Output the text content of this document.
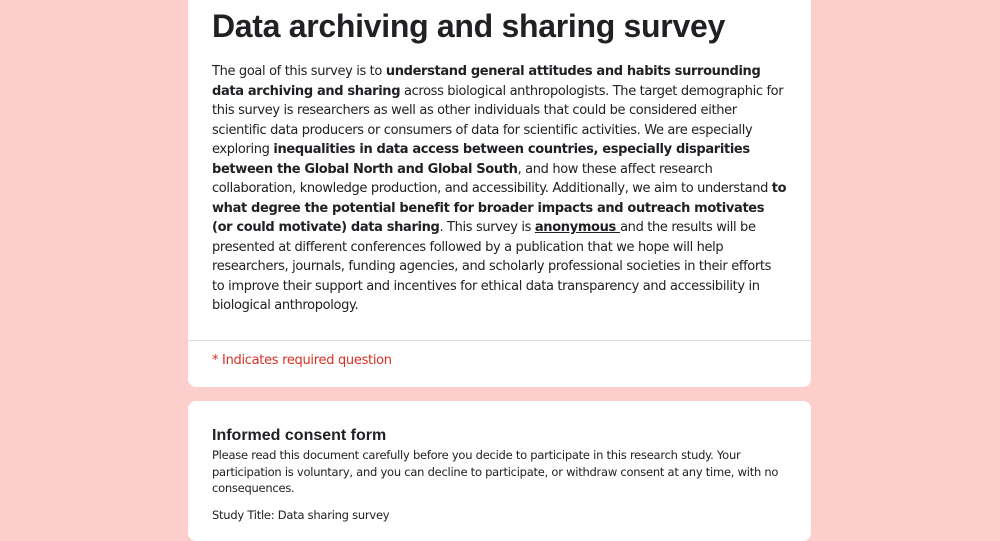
Data archiving and sharing survey
The goal of this survey is to understand general attitudes and habits surrounding data archiving and sharing across biological anthropologists. The target demographic for this survey is researchers as well as other individuals that could be considered either scientific data producers or consumers of data for scientific activities. We are especially exploring inequalities in data access between countries, especially disparities between the Global North and Global South, and how these affect research collaboration, knowledge production, and accessibility. Additionally, we aim to understand to what degree the potential benefit for broader impacts and outreach motivates (or could motivate) data sharing. This survey is anonymous and the results will be presented at different conferences followed by a publication that we hope will help researchers, journals, funding agencies, and scholarly professional societies in their efforts to improve their support and incentives for ethical data transparency and accessibility in biological anthropology.
* Indicates required question
Informed consent form
Please read this document carefully before you decide to participate in this research study. Your participation is voluntary, and you can decline to participate, or withdraw consent at any time, with no consequences.
Study Title: Data sharing survey
